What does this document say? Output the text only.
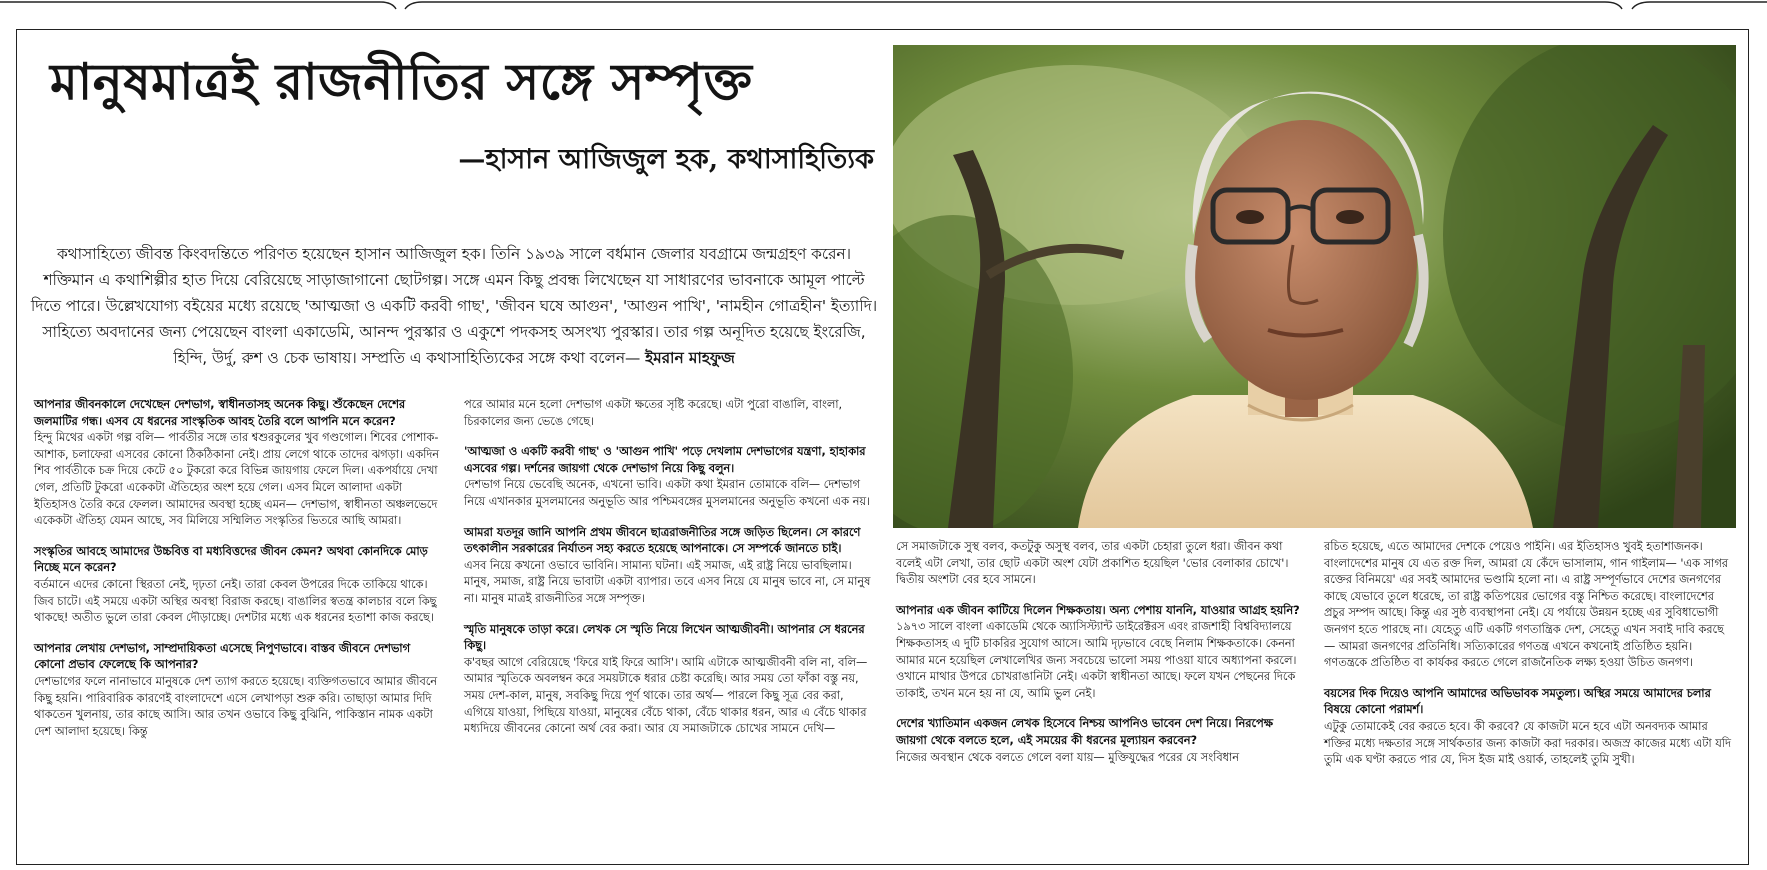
মানুষমাত্রই রাজনীতির সঙ্গে সম্পৃক্ত
—হাসান আজিজুল হক, কথাসাহিত্যিক

কথাসাহিত্যে জীবন্ত কিংবদন্তিতে পরিণত হয়েছেন হাসান আজিজুল হক। তিনি ১৯৩৯ সালে বর্ধমান জেলার যবগ্রামে জন্মগ্রহণ করেন। শক্তিমান এ কথাশিল্পীর হাত দিয়ে বেরিয়েছে সাড়াজাগানো ছোটগল্প। সঙ্গে এমন কিছু প্রবন্ধ লিখেছেন যা সাধারণের ভাবনাকে আমূল পাল্টে দিতে পারে। উল্লেখযোগ্য বইয়ের মধ্যে রয়েছে 'আত্মজা ও একটি করবী গাছ', 'জীবন ঘষে আগুন', 'আগুন পাখি', 'নামহীন গোত্রহীন' ইত্যাদি। সাহিত্যে অবদানের জন্য পেয়েছেন বাংলা একাডেমি, আনন্দ পুরস্কার ও একুশে পদকসহ অসংখ্য পুরস্কার। তার গল্প অনূদিত হয়েছে ইংরেজি, হিন্দি, উর্দু, রুশ ও চেক ভাষায়। সম্প্রতি এ কথাসাহিত্যিকের সঙ্গে কথা বলেন— ইমরান মাহফুজ

আপনার জীবনকালে দেখেছেন দেশভাগ, স্বাধীনতাসহ অনেক কিছু। শুঁকেছেন দেশের জলমাটির গন্ধ। এসব যে ধরনের সাংস্কৃতিক আবহ তৈরি বলে আপনি মনে করেন?
হিন্দু মিথের একটা গল্প বলি— পার্বতীর সঙ্গে তার শ্বশুরকুলের খুব গণ্ডগোল। শিবের পোশাক-আশাক, চলাফেরা এসবের কোনো ঠিকঠিকানা নেই। প্রায় লেগে থাকে তাদের ঝগড়া। একদিন শিব পার্বতীকে চক্র দিয়ে কেটে ৫০ টুকরো করে বিভিন্ন জায়গায় ফেলে দিল। একপর্যায়ে দেখা গেল, প্রতিটি টুকরো একেকটা ঐতিহ্যের অংশ হয়ে গেল। এসব মিলে আলাদা একটা ইতিহাসও তৈরি করে ফেলল। আমাদের অবস্থা হচ্ছে এমন— দেশভাগ, স্বাধীনতা অঞ্চলভেদে একেকটা ঐতিহ্য যেমন আছে, সব মিলিয়ে সম্মিলিত সংস্কৃতির ভিতরে আছি আমরা।
সংস্কৃতির আবহে আমাদের উচ্চবিত্ত বা মধ্যবিত্তদের জীবন কেমন? অথবা কোনদিকে মোড় নিচ্ছে মনে করেন?
বর্তমানে এদের কোনো স্থিরতা নেই, দৃঢ়তা নেই। তারা কেবল উপরের দিকে তাকিয়ে থাকে। জিব চাটে। এই সময়ে একটা অস্থির অবস্থা বিরাজ করছে। বাঙালির স্বতন্ত্র কালচার বলে কিছু থাকছে! অতীত ভুলে তারা কেবল দৌড়াচ্ছে। দেশটার মধ্যে এক ধরনের হতাশা কাজ করছে।
আপনার লেখায় দেশভাগ, সাম্প্রদায়িকতা এসেছে নিপুণভাবে। বাস্তব জীবনে দেশভাগ কোনো প্রভাব ফেলেছে কি আপনার?
দেশভাগের ফলে নানাভাবে মানুষকে দেশ ত্যাগ করতে হয়েছে। ব্যক্তিগতভাবে আমার জীবনে কিছু হয়নি। পারিবারিক কারণেই বাংলাদেশে এসে লেখাপড়া শুরু করি। তাছাড়া আমার দিদি থাকতেন খুলনায়, তার কাছে আসি। আর তখন ওভাবে কিছু বুঝিনি, পাকিস্তান নামক একটা দেশ আলাদা হয়েছে। কিন্তু
পরে আমার মনে হলো দেশভাগ একটা ক্ষতের সৃষ্টি করেছে। এটা পুরো বাঙালি, বাংলা, চিরকালের জন্য ভেঙে গেছে।
'আত্মজা ও একটি করবী গাছ' ও 'আগুন পাখি' পড়ে দেখলাম দেশভাগের যন্ত্রণা, হাহাকার এসবের গল্প। দর্শনের জায়গা থেকে দেশভাগ নিয়ে কিছু বলুন।
দেশভাগ নিয়ে ভেবেছি অনেক, এখনো ভাবি। একটা কথা ইমরান তোমাকে বলি— দেশভাগ নিয়ে এখানকার মুসলমানের অনুভূতি আর পশ্চিমবঙ্গের মুসলমানের অনুভূতি কখনো এক নয়।
আমরা যতদূর জানি আপনি প্রথম জীবনে ছাত্ররাজনীতির সঙ্গে জড়িত ছিলেন। সে কারণে তৎকালীন সরকারের নির্যাতন সহ্য করতে হয়েছে আপনাকে। সে সম্পর্কে জানতে চাই।
এসব নিয়ে কখনো ওভাবে ভাবিনি। সামান্য ঘটনা। এই সমাজ, এই রাষ্ট্র নিয়ে ভাবছিলাম। মানুষ, সমাজ, রাষ্ট্র নিয়ে ভাবাটা একটা ব্যাপার। তবে এসব নিয়ে যে মানুষ ভাবে না, সে মানুষ না। মানুষ মাত্রই রাজনীতির সঙ্গে সম্পৃক্ত।
স্মৃতি মানুষকে তাড়া করে। লেখক সে স্মৃতি নিয়ে লিখেন আত্মজীবনী। আপনার সে ধরনের কিছু।
ক'বছর আগে বেরিয়েছে 'ফিরে যাই ফিরে আসি'। আমি এটাকে আত্মজীবনী বলি না, বলি— আমার স্মৃতিকে অবলম্বন করে সময়টাকে ধরার চেষ্টা করেছি। আর সময় তো ফাঁকা বস্তু নয়, সময় দেশ-কাল, মানুষ, সবকিছু দিয়ে পূর্ণ থাকে। তার অর্থ— পারলে কিছু সূত্র বের করা, এগিয়ে যাওয়া, পিছিয়ে যাওয়া, মানুষের বেঁচে থাকা, বেঁচে থাকার ধরন, আর এ বেঁচে থাকার মধ্যদিয়ে জীবনের কোনো অর্থ বের করা। আর যে সমাজটাকে চোখের সামনে দেখি—
সে সমাজটাকে সুস্থ বলব, কতটুকু অসুস্থ বলব, তার একটা চেহারা তুলে ধরা। জীবন কথা বলেই এটা লেখা, তার ছোট একটা অংশ যেটা প্রকাশিত হয়েছিল 'ভোর বেলাকার চোখে'। দ্বিতীয় অংশটা বের হবে সামনে।
আপনার এক জীবন কাটিয়ে দিলেন শিক্ষকতায়। অন্য পেশায় যাননি, যাওয়ার আগ্রহ হয়নি?
১৯৭৩ সালে বাংলা একাডেমি থেকে অ্যাসিস্ট্যান্ট ডাইরেক্টরস এবং রাজশাহী বিশ্ববিদ্যালয়ে শিক্ষকতাসহ এ দুটি চাকরির সুযোগ আসে। আমি দৃঢ়ভাবে বেছে নিলাম শিক্ষকতাকে। কেননা আমার মনে হয়েছিল লেখালেখির জন্য সবচেয়ে ভালো সময় পাওয়া যাবে অধ্যাপনা করলে। ওখানে মাথার উপরে চোখরাঙানিটা নেই। একটা স্বাধীনতা আছে। ফলে যখন পেছনের দিকে তাকাই, তখন মনে হয় না যে, আমি ভুল নেই।
দেশের খ্যাতিমান একজন লেখক হিসেবে নিশ্চয় আপনিও ভাবেন দেশ নিয়ে। নিরপেক্ষ জায়গা থেকে বলতে হলে, এই সময়ের কী ধরনের মূল্যায়ন করবেন?
নিজের অবস্থান থেকে বলতে গেলে বলা যায়— মুক্তিযুদ্ধের পরের যে সংবিধান
রচিত হয়েছে, এতে আমাদের দেশকে পেয়েও পাইনি। এর ইতিহাসও খুবই হতাশাজনক। বাংলাদেশের মানুষ যে এত রক্ত দিল, আমরা যে কেঁদে ভাসালাম, গান গাইলাম— 'এক সাগর রক্তের বিনিময়ে' এর সবই আমাদের ভণ্ডামি হলো না। এ রাষ্ট্র সম্পূর্ণভাবে দেশের জনগণের কাছে যেভাবে তুলে ধরেছে, তা রাষ্ট্র কতিপয়ের ভোগের বস্তু নিশ্চিত করেছে। বাংলাদেশের প্রচুর সম্পদ আছে। কিন্তু এর সুষ্ঠ ব্যবস্থাপনা নেই। যে পর্যায়ে উন্নয়ন হচ্ছে এর সুবিধাভোগী জনগণ হতে পারছে না। যেহেতু এটি একটি গণতান্ত্রিক দেশ, সেহেতু এখন সবাই দাবি করছে— আমরা জনগণের প্রতিনিধি। সত্যিকারের গণতন্ত্র এখনে কখনোই প্রতিষ্ঠিত হয়নি। গণতন্ত্রকে প্রতিষ্ঠিত বা কার্যকর করতে গেলে রাজনৈতিক লক্ষ্য হওয়া উচিত জনগণ।
বয়সের দিক দিয়েও আপনি আমাদের অভিভাবক সমতুল্য। অস্থির সময়ে আমাদের চলার বিষয়ে কোনো পরামর্শ।
এটুকু তোমাকেই বের করতে হবে। কী করবে? যে কাজটা মনে হবে এটা অনবদ্যক আমার শক্তির মধ্যে দক্ষতার সঙ্গে সার্থকতার জন্য কাজটা করা দরকার। অজস্র কাজের মধ্যে এটা যদি তুমি এক ঘণ্টা করতে পার যে, দিস ইজ মাই ওয়ার্ক, তাহলেই তুমি সুখী।
